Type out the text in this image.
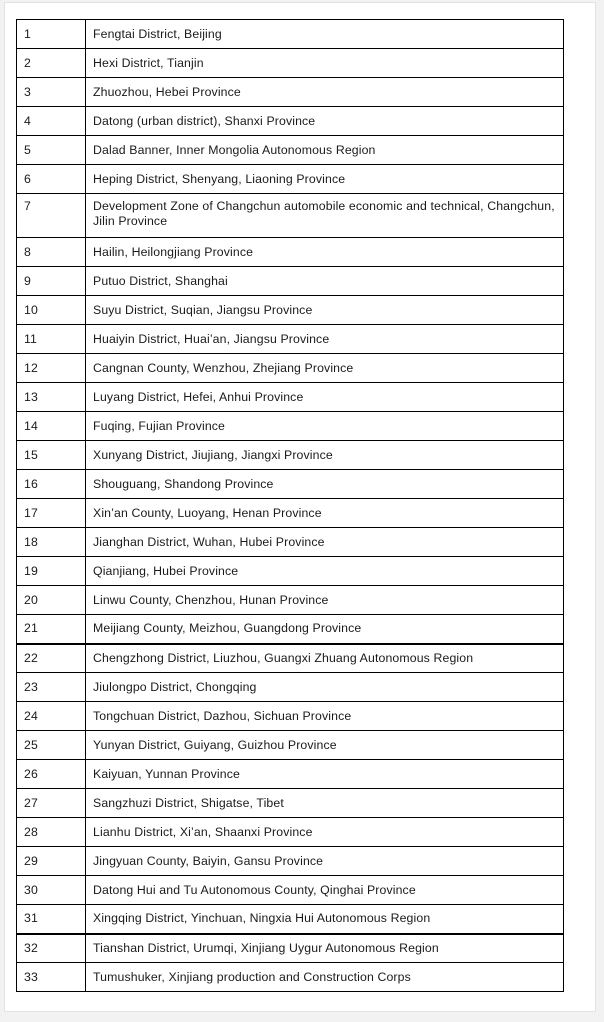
1	Fengtai District, Beijing
2	Hexi District, Tianjin
3	Zhuozhou, Hebei Province
4	Datong (urban district), Shanxi Province
5	Dalad Banner, Inner Mongolia Autonomous Region
6	Heping District, Shenyang, Liaoning Province
7	Development Zone of Changchun automobile economic and technical, Changchun, Jilin Province
8	Hailin, Heilongjiang Province
9	Putuo District, Shanghai
10	Suyu District, Suqian, Jiangsu Province
11	Huaiyin District, Huai’an, Jiangsu Province
12	Cangnan County, Wenzhou, Zhejiang Province
13	Luyang District, Hefei, Anhui Province
14	Fuqing, Fujian Province
15	Xunyang District, Jiujiang, Jiangxi Province
16	Shouguang, Shandong Province
17	Xin’an County, Luoyang, Henan Province
18	Jianghan District, Wuhan, Hubei Province
19	Qianjiang, Hubei Province
20	Linwu County, Chenzhou, Hunan Province
21	Meijiang County, Meizhou, Guangdong Province
22	Chengzhong District, Liuzhou, Guangxi Zhuang Autonomous Region
23	Jiulongpo District, Chongqing
24	Tongchuan District, Dazhou, Sichuan Province
25	Yunyan District, Guiyang, Guizhou Province
26	Kaiyuan, Yunnan Province
27	Sangzhuzi District, Shigatse, Tibet
28	Lianhu District, Xi’an, Shaanxi Province
29	Jingyuan County, Baiyin, Gansu Province
30	Datong Hui and Tu Autonomous County, Qinghai Province
31	Xingqing District, Yinchuan, Ningxia Hui Autonomous Region
32	Tianshan District, Urumqi, Xinjiang Uygur Autonomous Region
33	Tumushuker, Xinjiang production and Construction Corps
